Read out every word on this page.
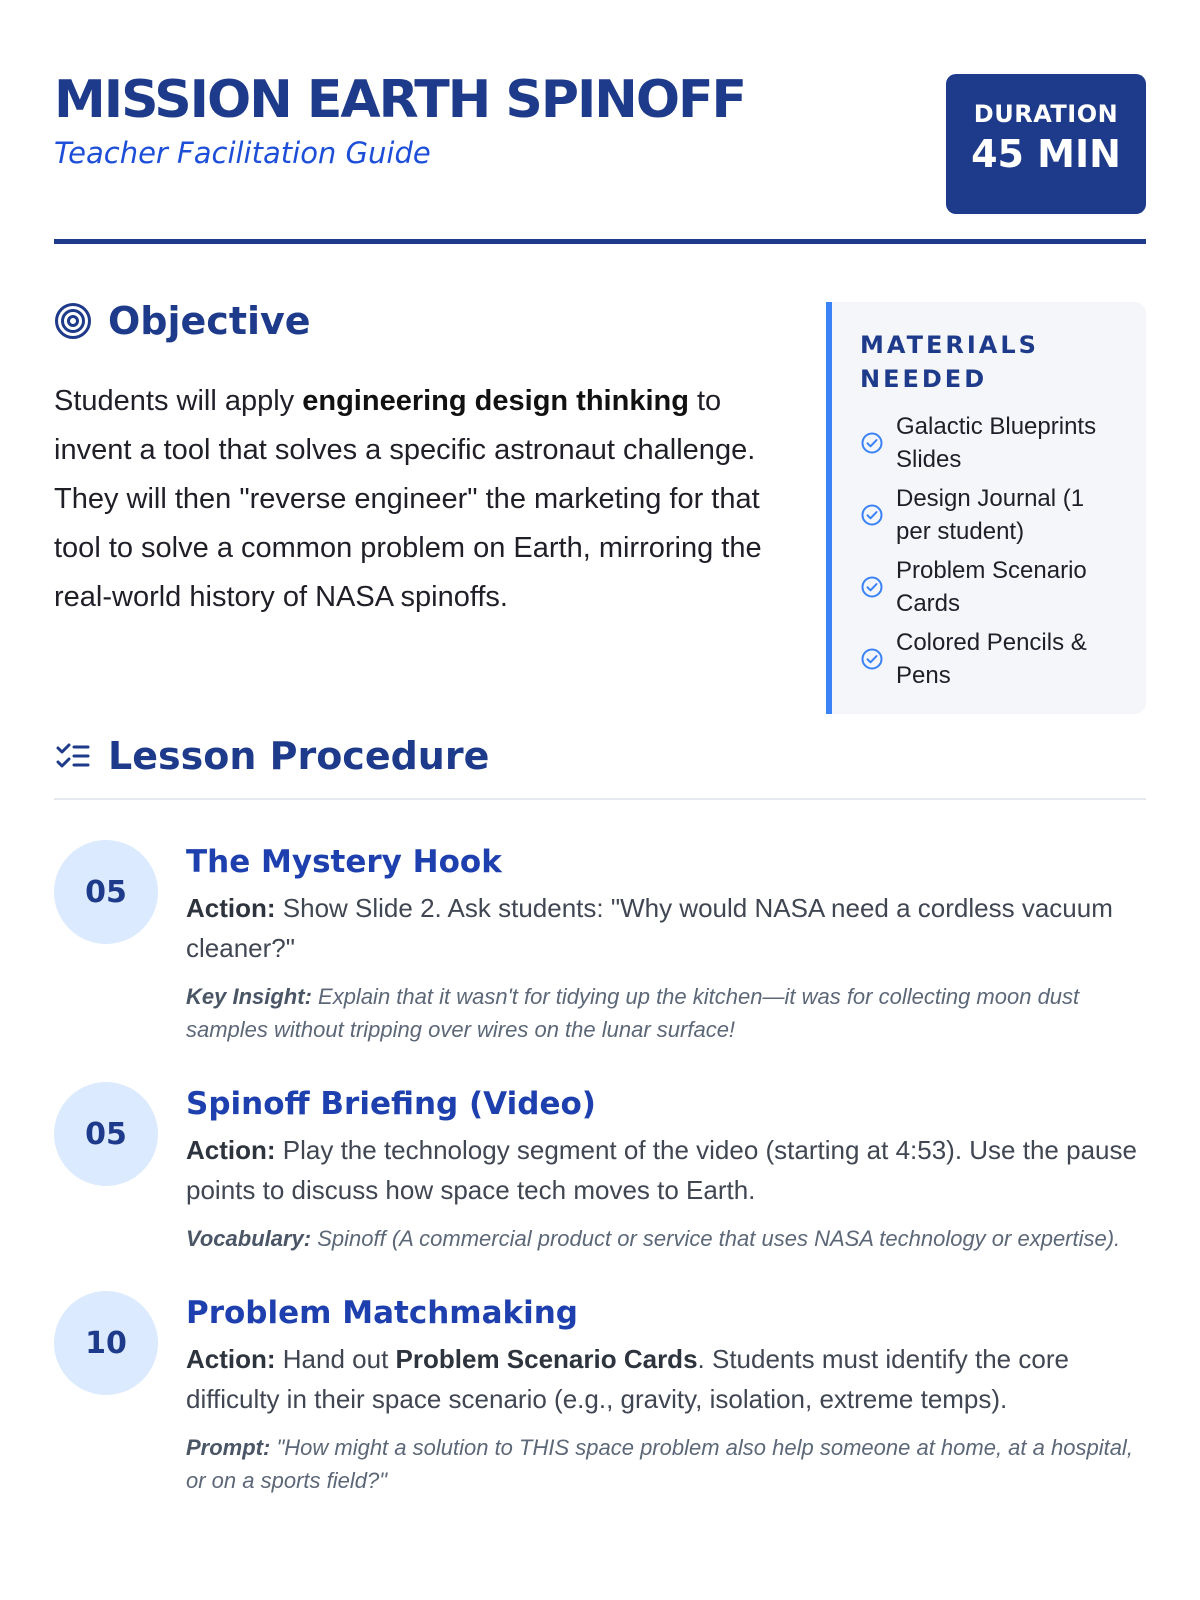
MISSION EARTH SPINOFF
Teacher Facilitation Guide
DURATION
45 MIN
Objective

Students will apply engineering design thinking to invent a tool that solves a specific astronaut challenge. They will then "reverse engineer" the marketing for that tool to solve a common problem on Earth, mirroring the real-world history of NASA spinoffs.

MATERIALS NEEDED
Galactic Blueprints Slides
Design Journal (1 per student)
Problem Scenario Cards
Colored Pencils & Pens
Lesson Procedure
05
The Mystery Hook

Action: Show Slide 2. Ask students: "Why would NASA need a cordless vacuum cleaner?"

Key Insight: Explain that it wasn't for tidying up the kitchen—it was for collecting moon dust samples without tripping over wires on the lunar surface!

05
Spinoff Briefing (Video)

Action: Play the technology segment of the video (starting at 4:53). Use the pause points to discuss how space tech moves to Earth.

Vocabulary: Spinoff (A commercial product or service that uses NASA technology or expertise).

10
Problem Matchmaking

Action: Hand out Problem Scenario Cards. Students must identify the core difficulty in their space scenario (e.g., gravity, isolation, extreme temps).

Prompt: "How might a solution to THIS space problem also help someone at home, at a hospital, or on a sports field?"
